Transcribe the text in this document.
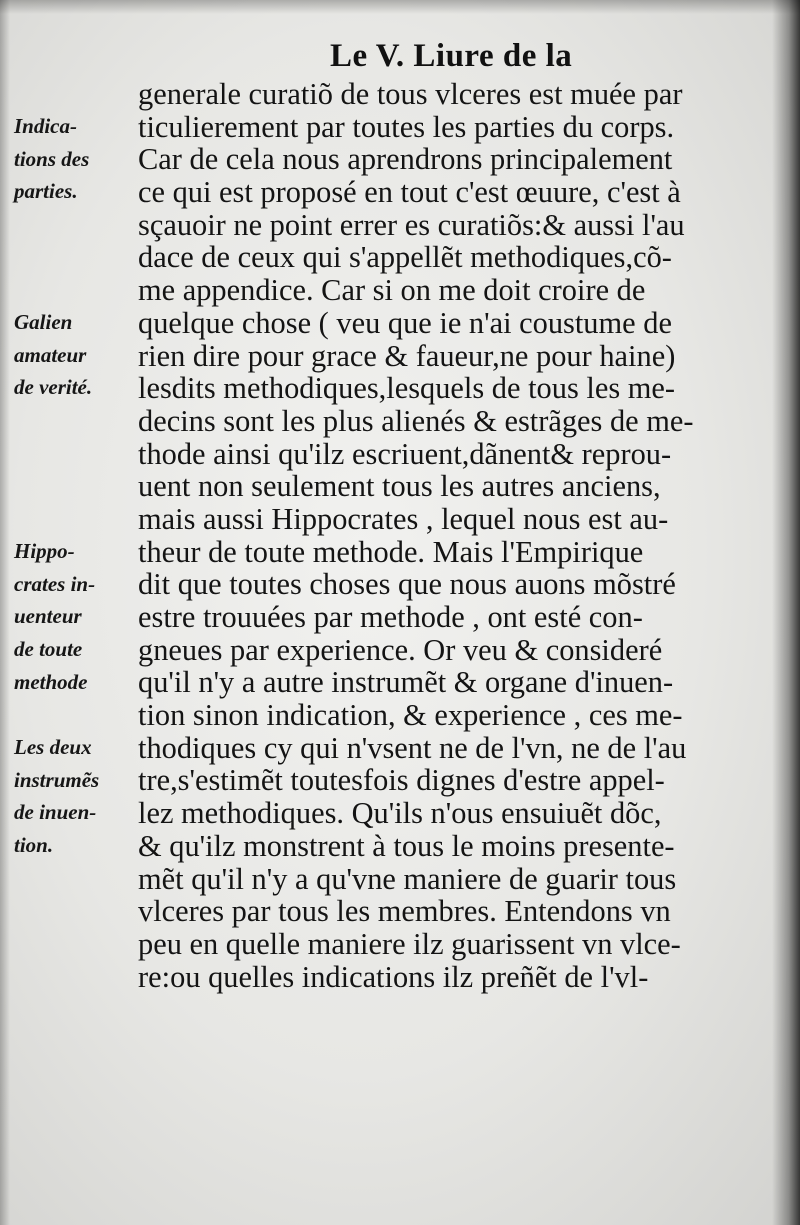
Le V. Liure de la
generale curatiõ de tous vlceres est muée par
ticulierement par toutes les parties du corps.
Car de cela nous aprendrons principalement
ce qui est proposé en tout c'est œuure, c'est à
sçauoir ne point errer es curatiõs:& aussi l'au
dace de ceux qui s'appellẽt methodiques,cõ-
me appendice. Car si on me doit croire de
quelque chose ( veu que ie n'ai coustume de
rien dire pour grace & faueur,ne pour haine)
lesdits methodiques,lesquels de tous les me-
decins sont les plus alienés & estrãges de me-
thode ainsi qu'ilz escriuent,dãnent& reprou-
uent non seulement tous les autres anciens,
mais aussi Hippocrates , lequel nous est au-
theur de toute methode. Mais l'Empirique
dit que toutes choses que nous auons mõstré
estre trouuées par methode , ont esté con-
gneues par experience. Or veu & consideré
qu'il n'y a autre instrumẽt & organe d'inuen-
tion sinon indication, & experience , ces me-
thodiques cy qui n'vsent ne de l'vn, ne de l'au
tre,s'estimẽt toutesfois dignes d'estre appel-
lez methodiques. Qu'ils n'ous ensuiuẽt dõc,
& qu'ilz monstrent à tous le moins presente-
mẽt qu'il n'y a qu'vne maniere de guarir tous
vlceres par tous les membres. Entendons vn
peu en quelle maniere ilz guarissent vn vlce-
re:ou quelles indications ilz preñẽt de l'vl-
Indica-
tions des
parties.
Galien
amateur
de verité.
Hippo-
crates in-
uenteur
de toute
methode
Les deux
instrumẽs
de inuen-
tion.
